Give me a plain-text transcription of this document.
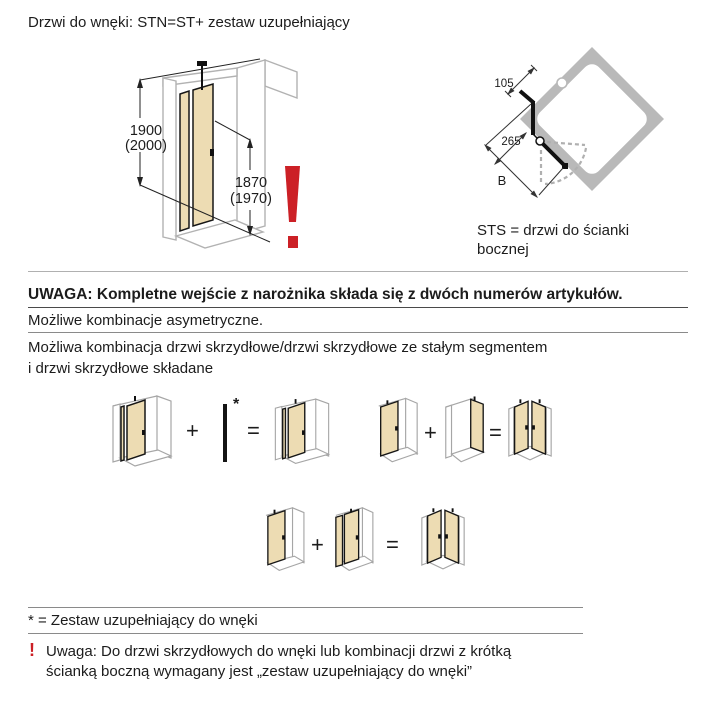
Drzwi do wnęki: STN=ST+ zestaw uzupełniający
1900
(2000)
1870
(1970)
105
265
B
STS = drzwi do ścianki
bocznej
UWAGA: Kompletne wejście z narożnika składa się z dwóch numerów artykułów.
Możliwe kombinacje asymetryczne.
Możliwa kombinacja drzwi skrzydłowe/drzwi skrzydłowe ze stałym segmentem
i drzwi skrzydłowe składane
+
*
=	+ =
+	=
* = Zestaw uzupełniający do wnęki
! Uwaga: Do drzwi skrzydłowych do wnęki lub kombinacji drzwi z krótką
ścianką boczną wymagany jest „zestaw uzupełniający do wnęki”
